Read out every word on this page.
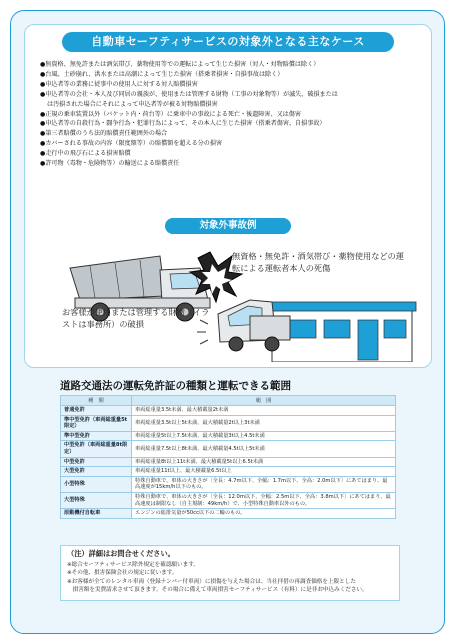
自動車セーフティサービスの対象外となる主なケース
●無資格、無免許または酒気帯び、薬物使用等での運転によって生じた損害（対人・対物賠償は除く）
●台風、土砂崩れ、洪水または高潮によって生じた損害（搭乗者損害・自損事故は除く）
●申込者等の業務に従事中の使用人に対する対人賠償損害
●申込者等の会社・本人及び同居の親族が、使用または管理する財物（工事の対象物等）が滅失、破損または
は汚損された場合にそれによって申込者等が被る対物賠償損害
●正規の乗車装置以外（バケット内・荷台等）に乗車中の事故による死亡・後遺障害、又は傷害
●申込者等の自殺行為・闘争行為・犯罪行為によって、その本人に生じた損害（搭乗者傷害、自損事故）
●第三者賠償のうち法的賠償責任範囲外の場合
●カバーされる事故の内容（限度額等）の賠償額を超える分の損害
●走行中の飛び石による損害賠償
●許可物（毒物・危険物等）の輸送による賠償責任
対象外事故例
無資格・無免許・酒気帯び・薬物使用などの運転による運転者本人の死傷
お客様が使用または管理する財物（イラストは事務所）の破損
道路交通法の運転免許証の種類と運転できる範囲
種　類	範　囲
普通免許	車両総重量3.5t未満、最大積載量2t未満
準中型免許（車両総重量5t限定）	車両総重量3.5t以上5t未満、最大積載量2t以上3t未満
準中型免許	車両総重量5t以上7.5t未満、最大積載量3t以上4.5t未満
中型免許（車両総重量8t限定）	車両総重量7.5t以上8t未満、最大積載量4.5t以上5t未満
中型免許	車両総重量8t以上11t未満、最大積載量5t以上6.5t未満
大型免許	車両総重量11t以上、最大積載量6.5t以上
小型特殊	特殊自動車で、車体の大きさが〔全長：4.7m以下、全幅：1.7m以下、全高：2.0m以下〕にあてはまり、最高速度が15km/h以下のもの。
大型特殊	特殊自動車で、車体の大きさが〔全長：12.0m以下、全幅：2.5m以下、全高：3.8m以下〕にあてはまり、最高速度は制限なし（自主規制：49km/h）で、小型特殊自動車以外のもの。
原動機付自転車	エンジンの総排気量が50cc以下の二輪のもの。
（注）詳細はお問合せください。
※総合セーフティサービス除外規定を確認願います。
※その他、損害保険会社の規定に従います。
※お客様が全てのレンタル車両（登録ナンバー付車両）に損傷を与えた場合は、当社拝借の再調査価格を上限とした
　損害額を実費請求させて頂きます。その場合に備えて車両損害セーフティサービス（有料）に是非お申込みください。
